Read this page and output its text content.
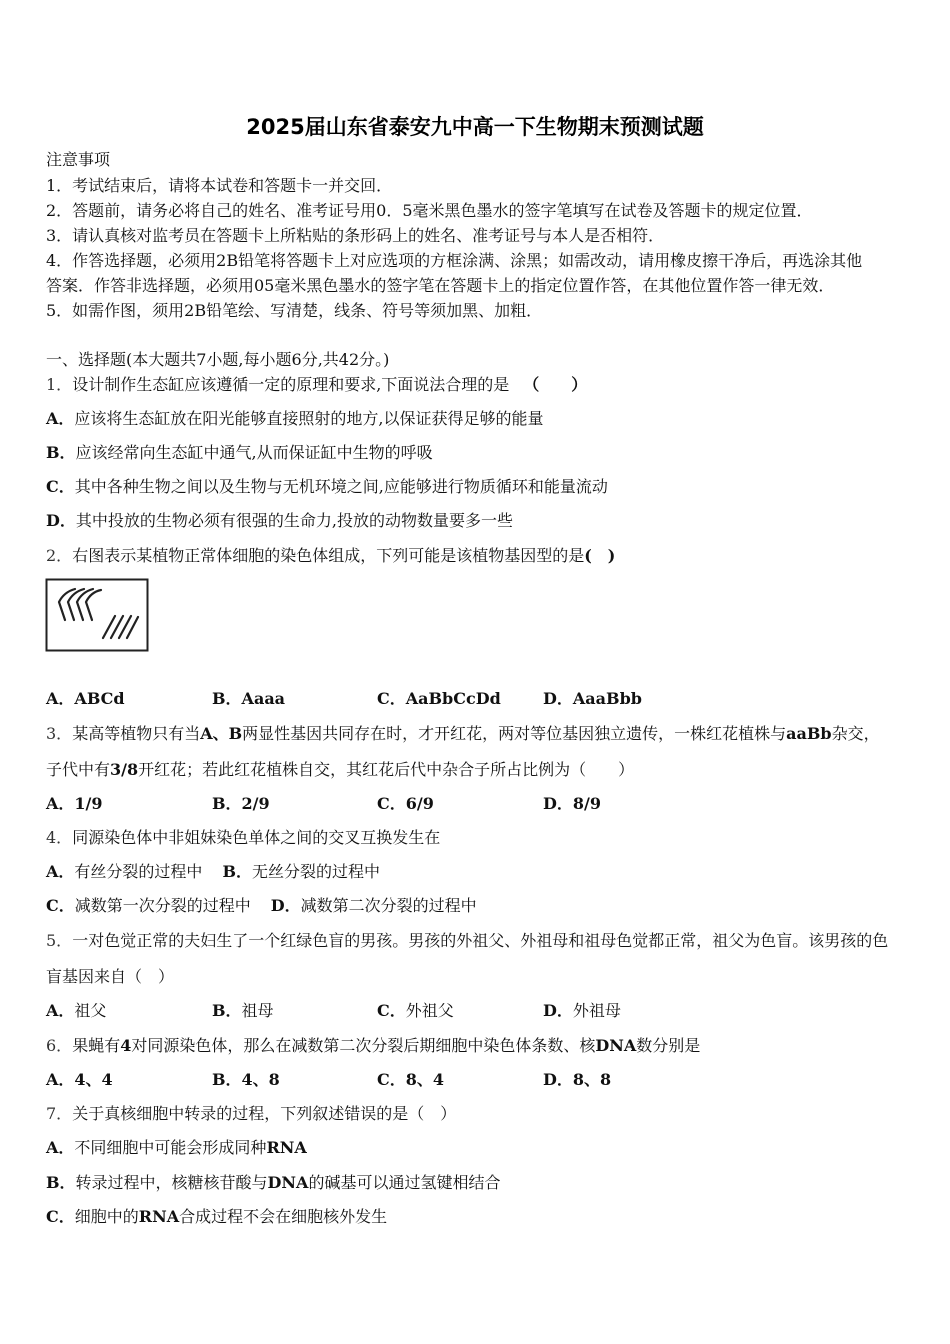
2025届山东省泰安九中高一下生物期末预测试题
注意事项
1．考试结束后，请将本试卷和答题卡一并交回．
2．答题前，请务必将自己的姓名、准考证号用0．5毫米黑色墨水的签字笔填写在试卷及答题卡的规定位置．
3．请认真核对监考员在答题卡上所粘贴的条形码上的姓名、准考证号与本人是否相符．
4．作答选择题，必须用2B铅笔将答题卡上对应选项的方框涂满、涂黑；如需改动，请用橡皮擦干净后，再选涂其他
答案．作答非选择题，必须用05毫米黑色墨水的签字笔在答题卡上的指定位置作答，在其他位置作答一律无效．
5．如需作图，须用2B铅笔绘、写清楚，线条、符号等须加黑、加粗．
一、选择题(本大题共7小题,每小题6分,共42分。)
1．设计制作生态缸应该遵循一定的原理和要求,下面说法合理的是 （　　）
A．应该将生态缸放在阳光能够直接照射的地方,以保证获得足够的能量
B．应该经常向生态缸中通气,从而保证缸中生物的呼吸
C．其中各种生物之间以及生物与无机环境之间,应能够进行物质循环和能量流动
D．其中投放的生物必须有很强的生命力,投放的动物数量要多一些
2．右图表示某植物正常体细胞的染色体组成，下列可能是该植物基因型的是(　)
A．ABCd	B．Aaaa	C．AaBbCcDd	D．AaaBbb
3．某高等植物只有当A、B两显性基因共同存在时，才开红花，两对等位基因独立遗传，一株红花植株与aaBb杂交，
子代中有3/8开红花；若此红花植株自交，其红花后代中杂合子所占比例为（　　）
A．1/9	B．2/9	C．6/9	D．8/9
4．同源染色体中非姐妹染色单体之间的交叉互换发生在
A．有丝分裂的过程中 B．无丝分裂的过程中
C．减数第一次分裂的过程中 D．减数第二次分裂的过程中
5．一对色觉正常的夫妇生了一个红绿色盲的男孩。男孩的外祖父、外祖母和祖母色觉都正常，祖父为色盲。该男孩的色
盲基因来自（　）
A．祖父	B．祖母	C．外祖父	D．外祖母
6．果蝇有4对同源染色体，那么在减数第二次分裂后期细胞中染色体条数、核DNA数分别是
A．4、4	B．4、8	C．8、4	D．8、8
7．关于真核细胞中转录的过程，下列叙述错误的是（　）
A．不同细胞中可能会形成同种RNA
B．转录过程中，核糖核苷酸与DNA的碱基可以通过氢键相结合
C．细胞中的RNA合成过程不会在细胞核外发生
